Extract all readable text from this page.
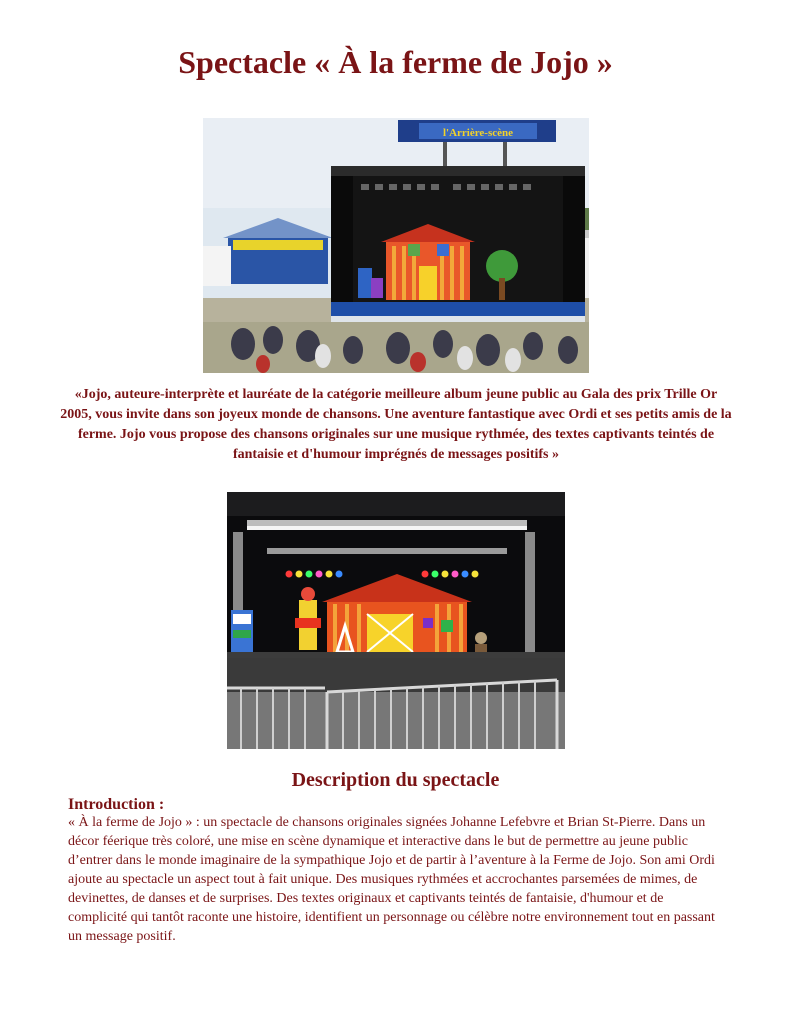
Spectacle « À la ferme de Jojo »
l'Arrière-scène

«Jojo, auteure-interprète et lauréate de la catégorie meilleure album jeune public au Gala des prix Trille Or 2005, vous invite dans son joyeux monde de chansons. Une aventure fantastique avec Ordi et ses petits amis de la ferme. Jojo vous propose des chansons originales sur une musique rythmée, des textes captivants teintés de fantaisie et d'humour imprégnés de messages positifs »

Description du spectacle
Introduction :

« À la ferme de Jojo » : un spectacle de chansons originales signées Johanne Lefebvre et Brian St-Pierre. Dans un décor féerique très coloré, une mise en scène dynamique et interactive dans le but de permettre au jeune public d’entrer dans le monde imaginaire de la sympathique Jojo et de partir à l’aventure à la Ferme de Jojo. Son ami Ordi ajoute au spectacle un aspect tout à fait unique. Des musiques rythmées et accrochantes parsemées de mimes, de devinettes, de danses et de surprises. Des textes originaux et captivants teintés de fantaisie, d'humour et de complicité qui tantôt raconte une histoire, identifient un personnage ou célèbre notre environnement tout en passant un message positif.
